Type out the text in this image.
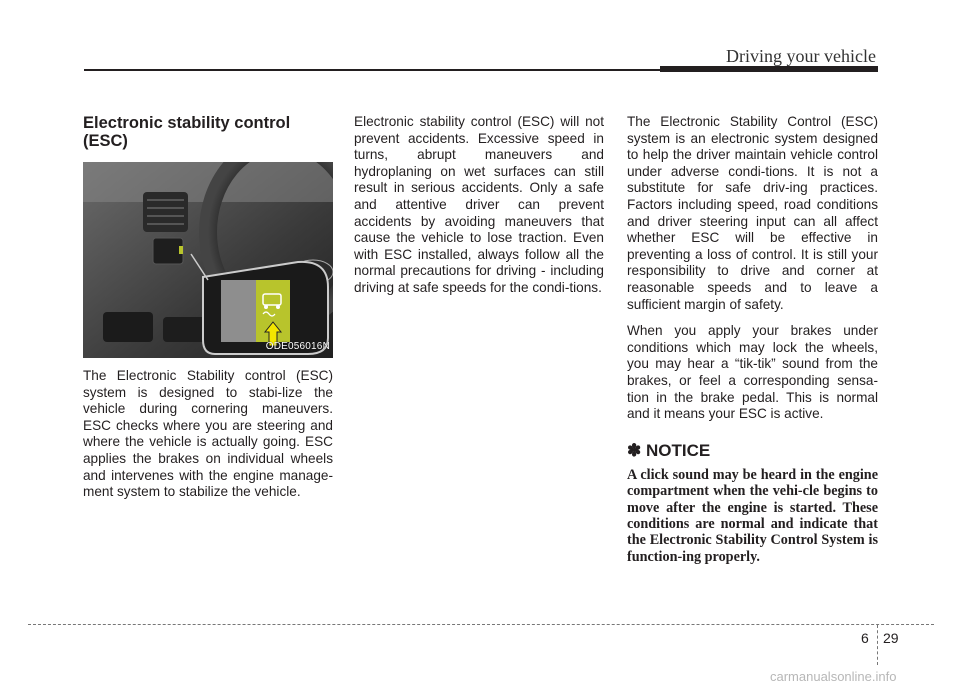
Driving your vehicle
Electronic stability control
(ESC)
ODE056016N

The Electronic Stability control (ESC) system is designed to stabi-lize the vehicle during cornering maneuvers. ESC checks where you are steering and where the vehicle is actually going. ESC applies the brakes on individual wheels and intervenes with the engine manage-ment system to stabilize the vehicle.

Electronic stability control (ESC) will not prevent accidents. Excessive speed in turns, abrupt maneuvers and hydroplaning on wet surfaces can still result in serious accidents. Only a safe and attentive driver can prevent accidents by avoiding maneuvers that cause the vehicle to lose traction. Even with ESC installed, always follow all the normal precautions for driving - including driving at safe speeds for the condi-tions.

The Electronic Stability Control (ESC) system is an electronic system designed to help the driver maintain vehicle control under adverse condi-tions. It is not a substitute for safe driv-ing practices. Factors including speed, road conditions and driver steering input can all affect whether ESC will be effective in preventing a loss of control. It is still your responsibility to drive and corner at reasonable speeds and to leave a sufficient margin of safety.

When you apply your brakes under conditions which may lock the wheels, you may hear a “tik-tik” sound from the brakes, or feel a corresponding sensa-tion in the brake pedal. This is normal and it means your ESC is active.

✽ NOTICE

A click sound may be heard in the engine compartment when the vehi-cle begins to move after the engine is started. These conditions are normal and indicate that the Electronic Stability Control System is function-ing properly.

6 29
carmanualsonline.info
